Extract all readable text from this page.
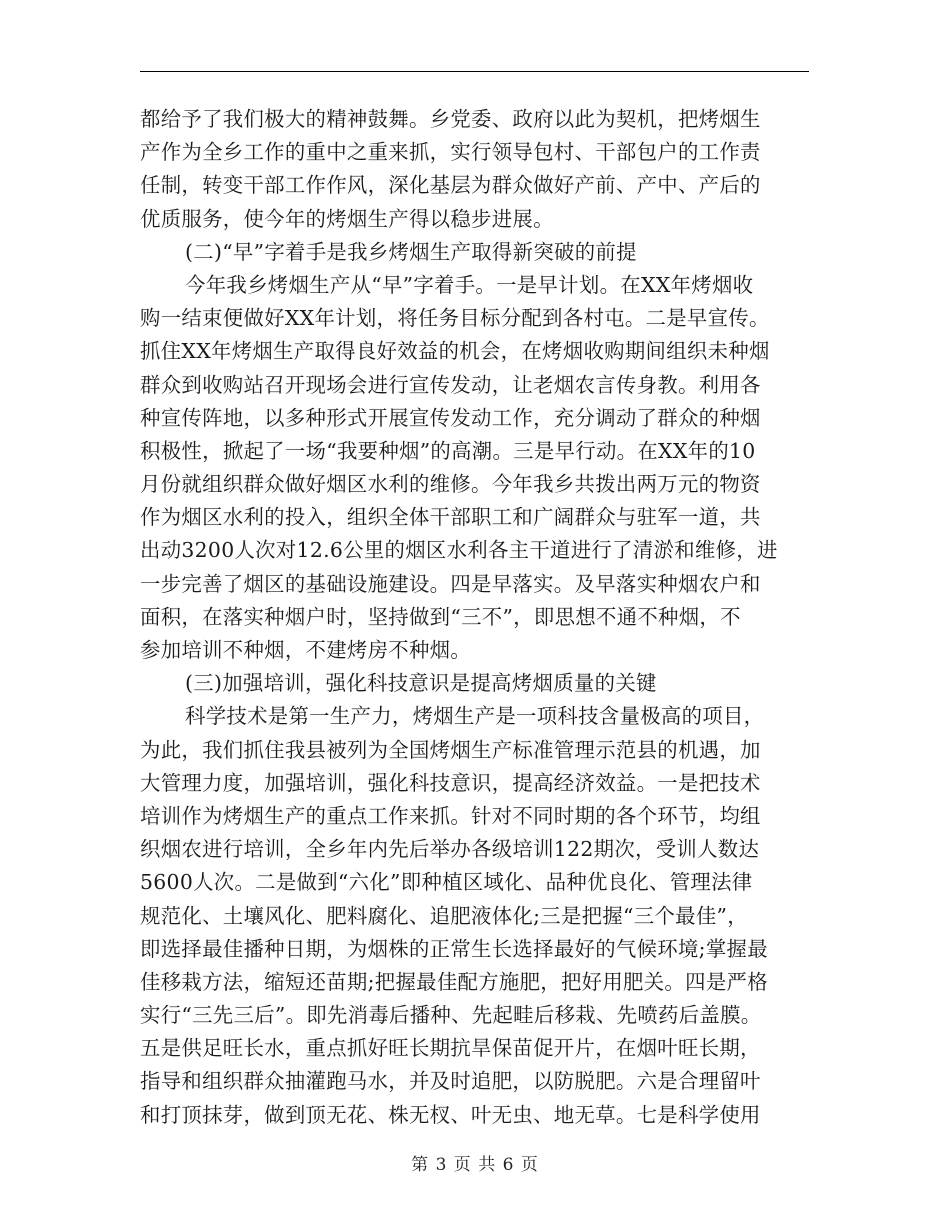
都给予了我们极大的精神鼓舞。乡党委、政府以此为契机，把烤烟生
产作为全乡工作的重中之重来抓，实行领导包村、干部包户的工作责
任制，转变干部工作作风，深化基层为群众做好产前、产中、产后的
优质服务，使今年的烤烟生产得以稳步进展。
(二)“早”字着手是我乡烤烟生产取得新突破的前提
今年我乡烤烟生产从“早”字着手。一是早计划。在XX年烤烟收
购一结束便做好XX年计划，将任务目标分配到各村屯。二是早宣传。
抓住XX年烤烟生产取得良好效益的机会，在烤烟收购期间组织未种烟
群众到收购站召开现场会进行宣传发动，让老烟农言传身教。利用各
种宣传阵地，以多种形式开展宣传发动工作，充分调动了群众的种烟
积极性，掀起了一场“我要种烟”的高潮。三是早行动。在XX年的10
月份就组织群众做好烟区水利的维修。今年我乡共拨出两万元的物资
作为烟区水利的投入，组织全体干部职工和广阔群众与驻军一道，共
出动3200人次对12.6公里的烟区水利各主干道进行了清淤和维修，进
一步完善了烟区的基础设施建设。四是早落实。及早落实种烟农户和
面积，在落实种烟户时，坚持做到“三不”，即思想不通不种烟，不
参加培训不种烟，不建烤房不种烟。
(三)加强培训，强化科技意识是提高烤烟质量的关键
科学技术是第一生产力，烤烟生产是一项科技含量极高的项目，
为此，我们抓住我县被列为全国烤烟生产标准管理示范县的机遇，加
大管理力度，加强培训，强化科技意识，提高经济效益。一是把技术
培训作为烤烟生产的重点工作来抓。针对不同时期的各个环节，均组
织烟农进行培训，全乡年内先后举办各级培训122期次，受训人数达
5600人次。二是做到“六化”即种植区域化、品种优良化、管理法律
规范化、土壤风化、肥料腐化、追肥液体化;三是把握“三个最佳”，
即选择最佳播种日期，为烟株的正常生长选择最好的气候环境;掌握最
佳移栽方法，缩短还苗期;把握最佳配方施肥，把好用肥关。四是严格
实行“三先三后”。即先消毒后播种、先起畦后移栽、先喷药后盖膜。
五是供足旺长水，重点抓好旺长期抗旱保苗促开片，在烟叶旺长期，
指导和组织群众抽灌跑马水，并及时追肥，以防脱肥。六是合理留叶
和打顶抹芽，做到顶无花、株无杈、叶无虫、地无草。七是科学使用
第 3 页 共 6 页
